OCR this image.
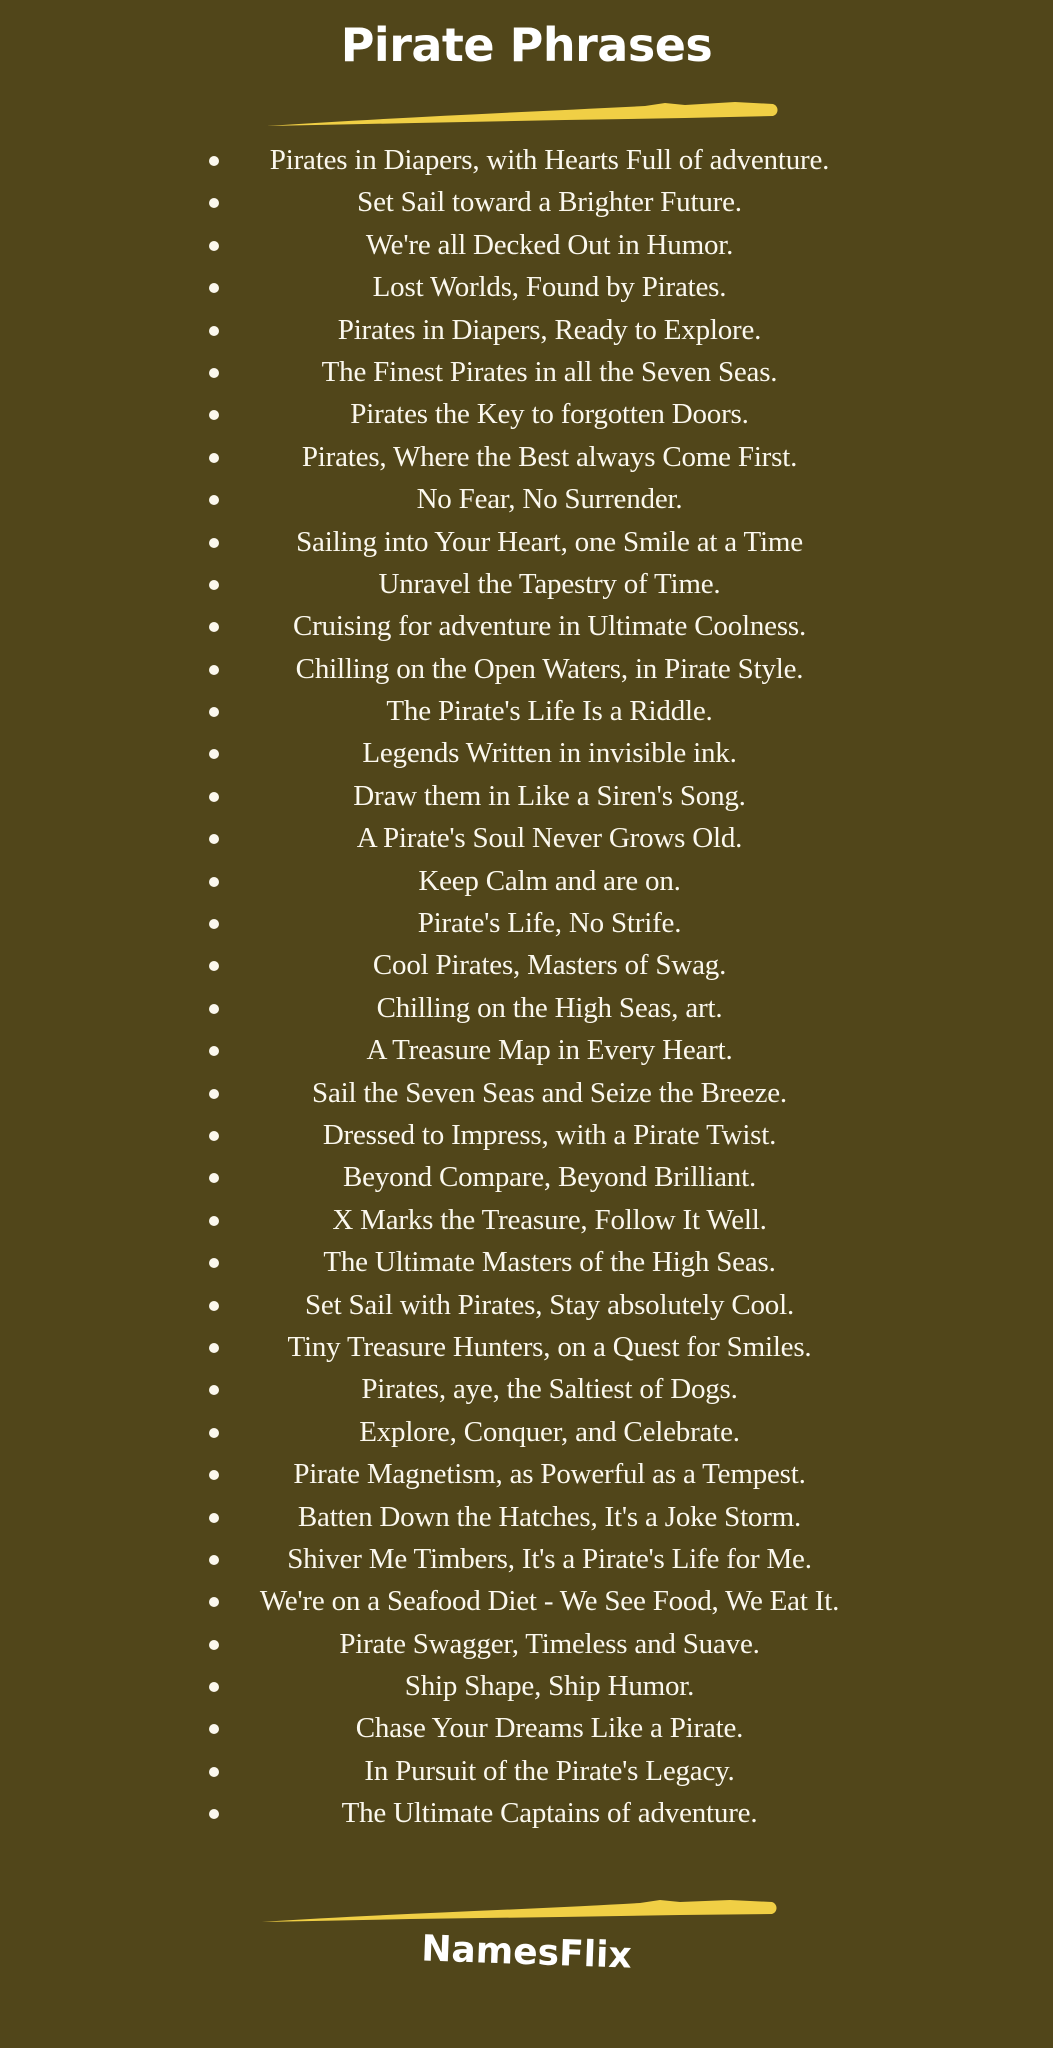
Pirate Phrases
Pirates in Diapers, with Hearts Full of adventure.
Set Sail toward a Brighter Future.
We're all Decked Out in Humor.
Lost Worlds, Found by Pirates.
Pirates in Diapers, Ready to Explore.
The Finest Pirates in all the Seven Seas.
Pirates the Key to forgotten Doors.
Pirates, Where the Best always Come First.
No Fear, No Surrender.
Sailing into Your Heart, one Smile at a Time
Unravel the Tapestry of Time.
Cruising for adventure in Ultimate Coolness.
Chilling on the Open Waters, in Pirate Style.
The Pirate's Life Is a Riddle.
Legends Written in invisible ink.
Draw them in Like a Siren's Song.
A Pirate's Soul Never Grows Old.
Keep Calm and are on.
Pirate's Life, No Strife.
Cool Pirates, Masters of Swag.
Chilling on the High Seas, art.
A Treasure Map in Every Heart.
Sail the Seven Seas and Seize the Breeze.
Dressed to Impress, with a Pirate Twist.
Beyond Compare, Beyond Brilliant.
X Marks the Treasure, Follow It Well.
The Ultimate Masters of the High Seas.
Set Sail with Pirates, Stay absolutely Cool.
Tiny Treasure Hunters, on a Quest for Smiles.
Pirates, aye, the Saltiest of Dogs.
Explore, Conquer, and Celebrate.
Pirate Magnetism, as Powerful as a Tempest.
Batten Down the Hatches, It's a Joke Storm.
Shiver Me Timbers, It's a Pirate's Life for Me.
We're on a Seafood Diet - We See Food, We Eat It.
Pirate Swagger, Timeless and Suave.
Ship Shape, Ship Humor.
Chase Your Dreams Like a Pirate.
In Pursuit of the Pirate's Legacy.
The Ultimate Captains of adventure.
NamesFlix
